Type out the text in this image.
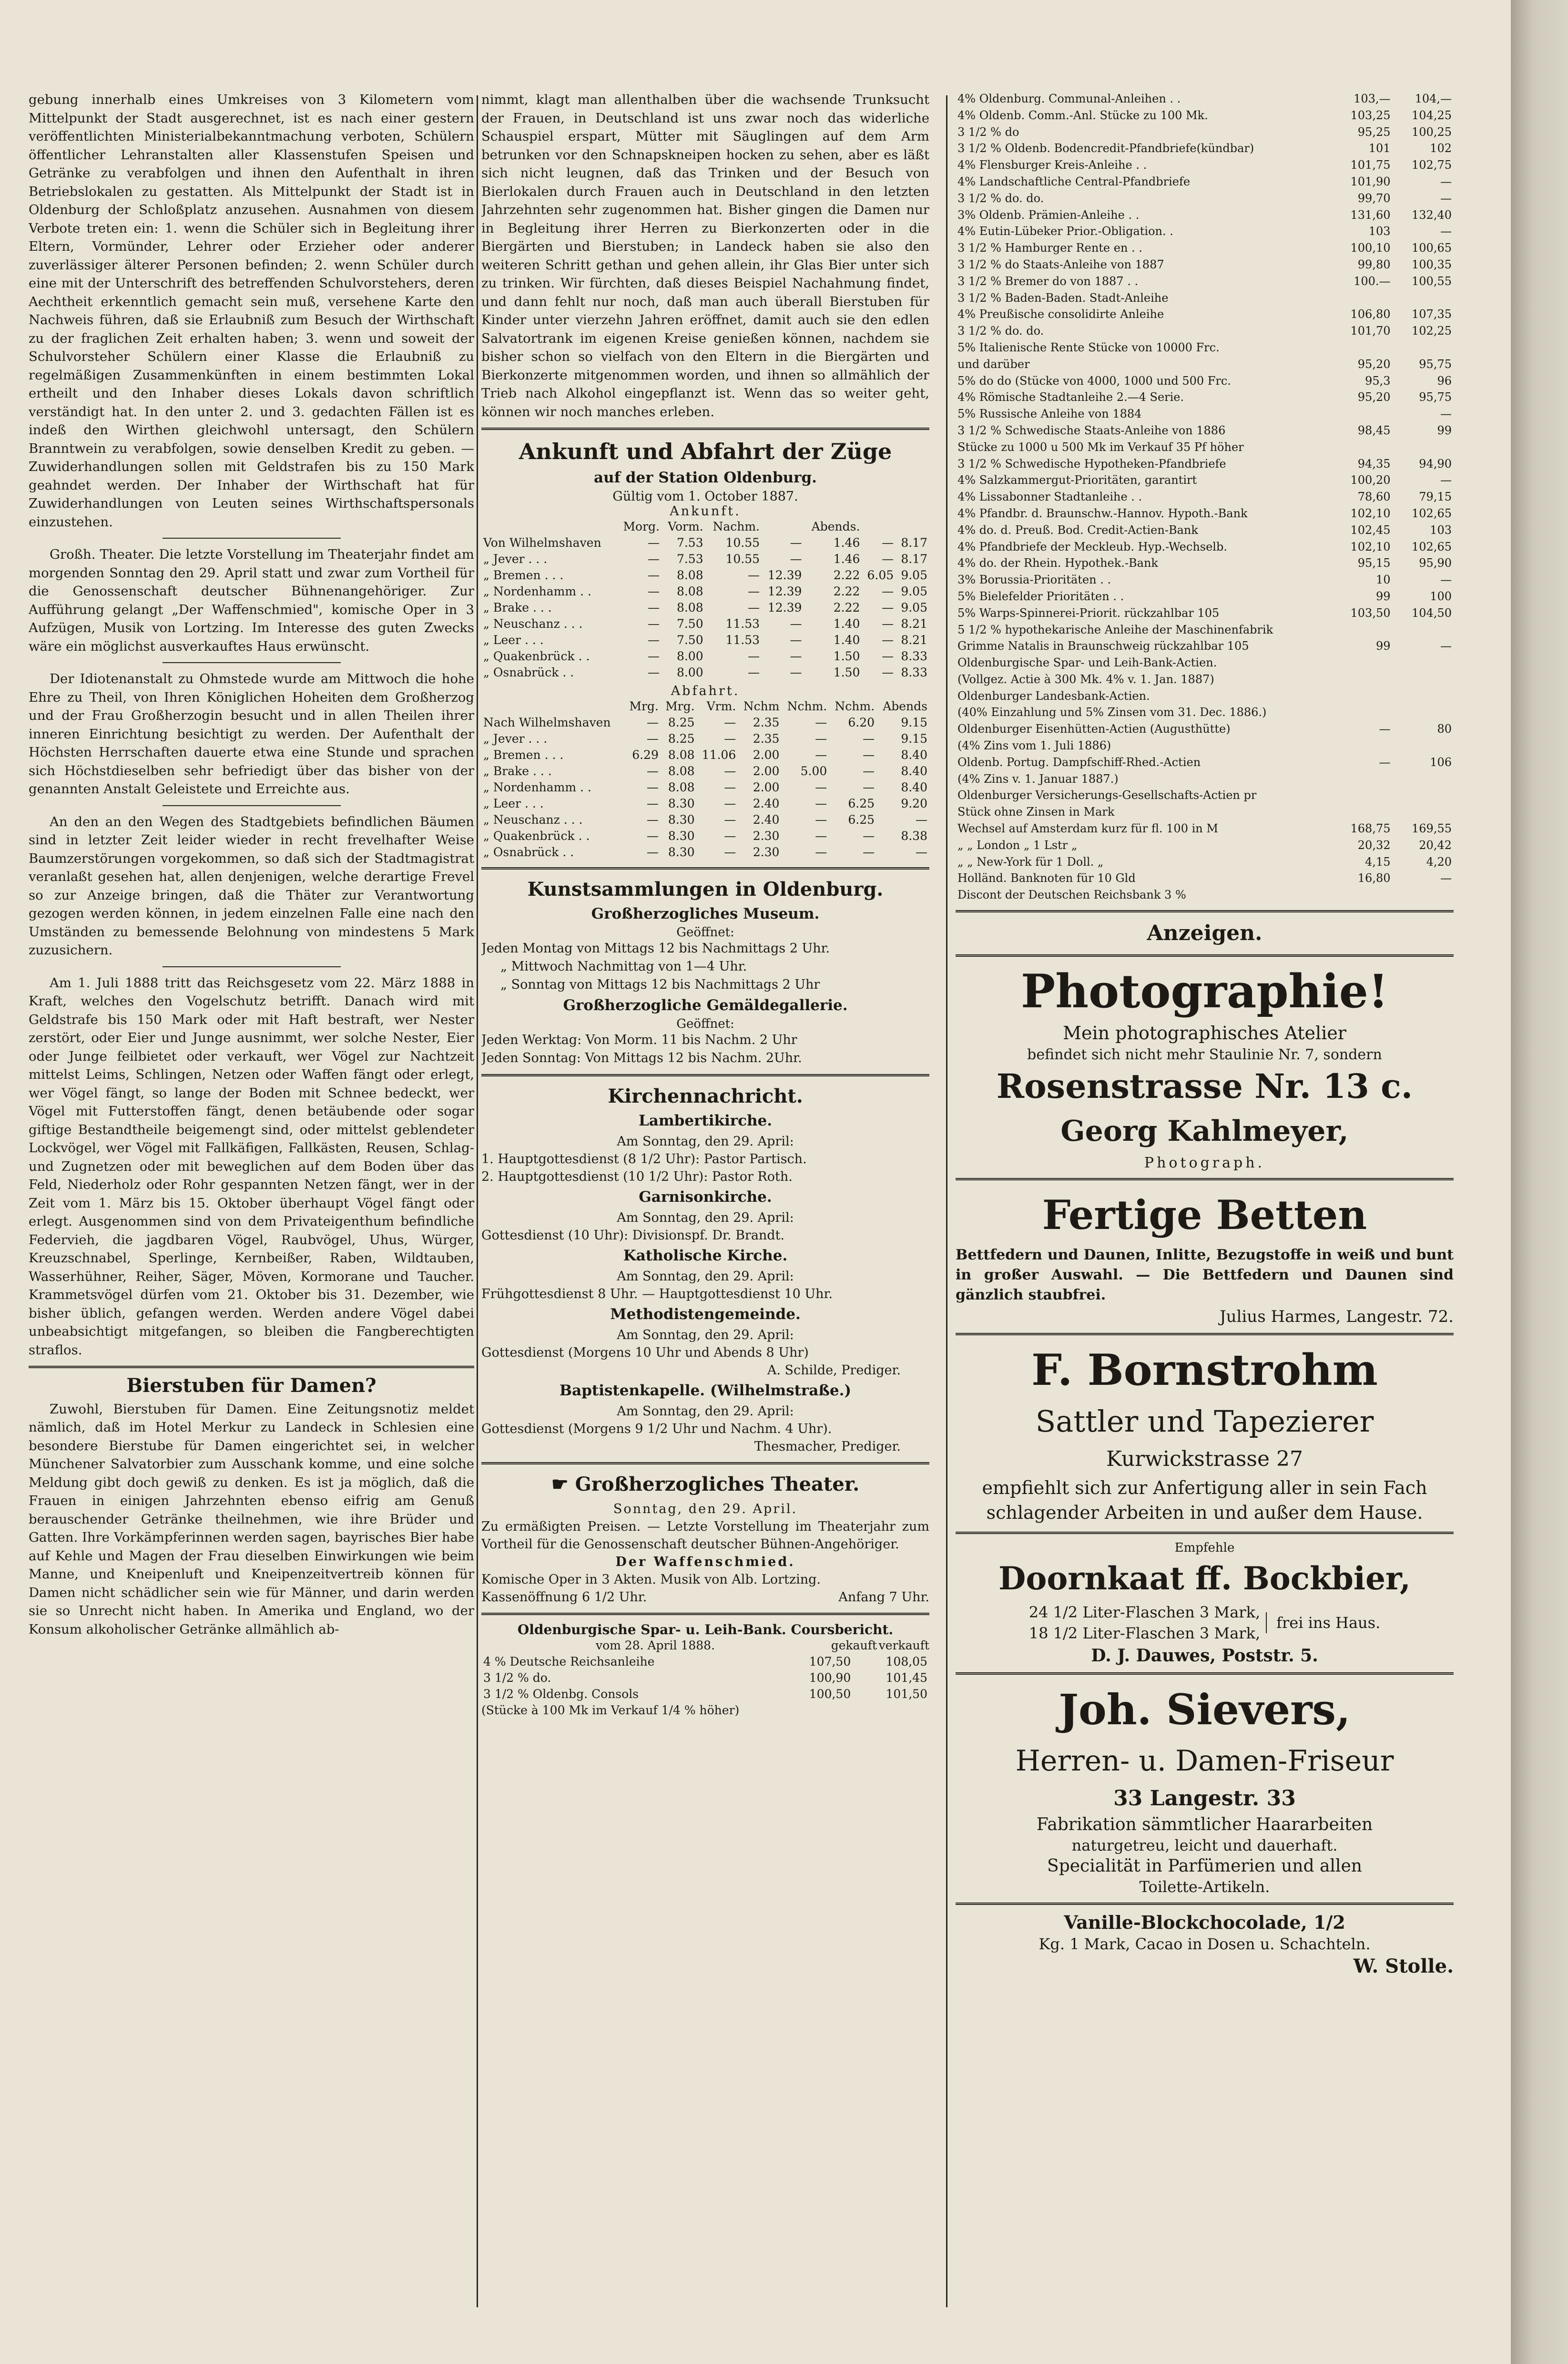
gebung innerhalb eines Umkreises von 3 Kilometern vom Mittelpunkt der Stadt ausgerechnet, ist es nach einer gestern veröffentlichten Ministerialbekanntmachung verboten, Schülern öffentlicher Lehranstalten aller Klassenstufen Speisen und Getränke zu verabfolgen und ihnen den Aufenthalt in ihren Betriebslokalen zu gestatten. Als Mittelpunkt der Stadt ist in Oldenburg der Schloßplatz anzusehen. Ausnahmen von diesem Verbote treten ein: 1. wenn die Schüler sich in Begleitung ihrer Eltern, Vormünder, Lehrer oder Erzieher oder anderer zuverlässiger älterer Personen befinden; 2. wenn Schüler durch eine mit der Unterschrift des betreffenden Schulvorstehers, deren Aechtheit erkenntlich gemacht sein muß, versehene Karte den Nachweis führen, daß sie Erlaubniß zum Besuch der Wirthschaft zu der fraglichen Zeit erhalten haben; 3. wenn und soweit der Schulvorsteher Schülern einer Klasse die Erlaubniß zu regelmäßigen Zusammenkünften in einem bestimmten Lokal ertheilt und den Inhaber dieses Lokals davon schriftlich verständigt hat. In den unter 2. und 3. gedachten Fällen ist es indeß den Wirthen gleichwohl untersagt, den Schülern Branntwein zu verabfolgen, sowie denselben Kredit zu geben. — Zuwiderhandlungen sollen mit Geldstrafen bis zu 150 Mark geahndet werden. Der Inhaber der Wirthschaft hat für Zuwiderhandlungen von Leuten seines Wirthschaftspersonals einzustehen.

Großh. Theater. Die letzte Vorstellung im Theaterjahr findet am morgenden Sonntag den 29. April statt und zwar zum Vortheil für die Genossenschaft deutscher Bühnenangehöriger. Zur Aufführung gelangt „Der Waffenschmied", komische Oper in 3 Aufzügen, Musik von Lortzing. Im Interesse des guten Zwecks wäre ein möglichst ausverkauftes Haus erwünscht.

Der Idiotenanstalt zu Ohmstede wurde am Mittwoch die hohe Ehre zu Theil, von Ihren Königlichen Hoheiten dem Großherzog und der Frau Großherzogin besucht und in allen Theilen ihrer inneren Einrichtung besichtigt zu werden. Der Aufenthalt der Höchsten Herrschaften dauerte etwa eine Stunde und sprachen sich Höchstdieselben sehr befriedigt über das bisher von der genannten Anstalt Geleistete und Erreichte aus.

An den an den Wegen des Stadtgebiets befindlichen Bäumen sind in letzter Zeit leider wieder in recht frevelhafter Weise Baumzerstörungen vorgekommen, so daß sich der Stadtmagistrat veranlaßt gesehen hat, allen denjenigen, welche derartige Frevel so zur Anzeige bringen, daß die Thäter zur Verantwortung gezogen werden können, in jedem einzelnen Falle eine nach den Umständen zu bemessende Belohnung von mindestens 5 Mark zuzusichern.

Am 1. Juli 1888 tritt das Reichsgesetz vom 22. März 1888 in Kraft, welches den Vogelschutz betrifft. Danach wird mit Geldstrafe bis 150 Mark oder mit Haft bestraft, wer Nester zerstört, oder Eier und Junge ausnimmt, wer solche Nester, Eier oder Junge feilbietet oder verkauft, wer Vögel zur Nachtzeit mittelst Leims, Schlingen, Netzen oder Waffen fängt oder erlegt, wer Vögel fängt, so lange der Boden mit Schnee bedeckt, wer Vögel mit Futterstoffen fängt, denen betäubende oder sogar giftige Bestandtheile beigemengt sind, oder mittelst geblendeter Lockvögel, wer Vögel mit Fallkäfigen, Fallkästen, Reusen, Schlag- und Zugnetzen oder mit beweglichen auf dem Boden über das Feld, Niederholz oder Rohr gespannten Netzen fängt, wer in der Zeit vom 1. März bis 15. Oktober überhaupt Vögel fängt oder erlegt. Ausgenommen sind von dem Privateigenthum befindliche Federvieh, die jagdbaren Vögel, Raubvögel, Uhus, Würger, Kreuzschnabel, Sperlinge, Kernbeißer, Raben, Wildtauben, Wasserhühner, Reiher, Säger, Möven, Kormorane und Taucher. Krammetsvögel dürfen vom 21. Oktober bis 31. Dezember, wie bisher üblich, gefangen werden. Werden andere Vögel dabei unbeabsichtigt mitgefangen, so bleiben die Fangberechtigten straflos.

Bierstuben für Damen?

Zuwohl, Bierstuben für Damen. Eine Zeitungsnotiz meldet nämlich, daß im Hotel Merkur zu Landeck in Schlesien eine besondere Bierstube für Damen eingerichtet sei, in welcher Münchener Salvatorbier zum Ausschank komme, und eine solche Meldung gibt doch gewiß zu denken. Es ist ja möglich, daß die Frauen in einigen Jahrzehnten ebenso eifrig am Genuß berauschender Getränke theilnehmen, wie ihre Brüder und Gatten. Ihre Vorkämpferinnen werden sagen, bayrisches Bier habe auf Kehle und Magen der Frau dieselben Einwirkungen wie beim Manne, und Kneipenluft und Kneipenzeitvertreib können für Damen nicht schädlicher sein wie für Männer, und darin werden sie so Unrecht nicht haben. In Amerika und England, wo der Konsum alkoholischer Getränke allmählich ab-

nimmt, klagt man allenthalben über die wachsende Trunksucht der Frauen, in Deutschland ist uns zwar noch das widerliche Schauspiel erspart, Mütter mit Säuglingen auf dem Arm betrunken vor den Schnapskneipen hocken zu sehen, aber es läßt sich nicht leugnen, daß das Trinken und der Besuch von Bierlokalen durch Frauen auch in Deutschland in den letzten Jahrzehnten sehr zugenommen hat. Bisher gingen die Damen nur in Begleitung ihrer Herren zu Bierkonzerten oder in die Biergärten und Bierstuben; in Landeck haben sie also den weiteren Schritt gethan und gehen allein, ihr Glas Bier unter sich zu trinken. Wir fürchten, daß dieses Beispiel Nachahmung findet, und dann fehlt nur noch, daß man auch überall Bierstuben für Kinder unter vierzehn Jahren eröffnet, damit auch sie den edlen Salvatortrank im eigenen Kreise genießen können, nachdem sie bisher schon so vielfach von den Eltern in die Biergärten und Bierkonzerte mitgenommen worden, und ihnen so allmählich der Trieb nach Alkohol eingepflanzt ist. Wenn das so weiter geht, können wir noch manches erleben.

Ankunft und Abfahrt der Züge
auf der Station Oldenburg.
Gültig vom 1. October 1887.
Ankunft.
	Morg.	Vorm.	Nachm.		Abends.		
Von Wilhelmshaven	—	7.53	10.55	—	1.46	—	8.17
„ Jever . . .	—	7.53	10.55	—	1.46	—	8.17
„ Bremen . . .	—	8.08	—	12.39	2.22	6.05	9.05
„ Nordenhamm . .	—	8.08	—	12.39	2.22	—	9.05
„ Brake . . .	—	8.08	—	12.39	2.22	—	9.05
„ Neuschanz . . .	—	7.50	11.53	—	1.40	—	8.21
„ Leer . . .	—	7.50	11.53	—	1.40	—	8.21
„ Quakenbrück . .	—	8.00	—	—	1.50	—	8.33
„ Osnabrück . .	—	8.00	—	—	1.50	—	8.33
Abfahrt.
	Mrg.	Mrg.	Vrm.	Nchm	Nchm.	Nchm.	Abends
Nach Wilhelmshaven	—	8.25	—	2.35	—	6.20	9.15
„ Jever . . .	—	8.25	—	2.35	—	—	9.15
„ Bremen . . .	6.29	8.08	11.06	2.00	—	—	8.40
„ Brake . . .	—	8.08	—	2.00	5.00	—	8.40
„ Nordenhamm . .	—	8.08	—	2.00	—	—	8.40
„ Leer . . .	—	8.30	—	2.40	—	6.25	9.20
„ Neuschanz . . .	—	8.30	—	2.40	—	6.25	—
„ Quakenbrück . .	—	8.30	—	2.30	—	—	8.38
„ Osnabrück . .	—	8.30	—	2.30	—	—	—
Kunstsammlungen in Oldenburg.
Großherzogliches Museum.
Geöffnet:
Jeden Montag von Mittags 12 bis Nachmittags 2 Uhr.
„ Mittwoch Nachmittag von 1—4 Uhr.
„ Sonntag von Mittags 12 bis Nachmittags 2 Uhr
Großherzogliche Gemäldegallerie.
Geöffnet:
Jeden Werktag: Von Morm. 11 bis Nachm. 2 Uhr
Jeden Sonntag: Von Mittags 12 bis Nachm. 2Uhr.
Kirchennachricht.
Lambertikirche.
Am Sonntag, den 29. April:
1. Hauptgottesdienst (8 1/2 Uhr): Pastor Partisch.
2. Hauptgottesdienst (10 1/2 Uhr): Pastor Roth.
Garnisonkirche.
Am Sonntag, den 29. April:
Gottesdienst (10 Uhr): Divisionspf. Dr. Brandt.
Katholische Kirche.
Am Sonntag, den 29. April:
Frühgottesdienst 8 Uhr. — Hauptgottesdienst 10 Uhr.
Methodistengemeinde.
Am Sonntag, den 29. April:
Gottesdienst (Morgens 10 Uhr und Abends 8 Uhr)
A. Schilde, Prediger.
Baptistenkapelle. (Wilhelmstraße.)
Am Sonntag, den 29. April:
Gottesdienst (Morgens 9 1/2 Uhr und Nachm. 4 Uhr).
Thesmacher, Prediger.
☛ Großherzogliches Theater.
Sonntag, den 29. April.
Zu ermäßigten Preisen. — Letzte Vorstellung im Theaterjahr zum Vortheil für die Genossenschaft deutscher Bühnen-Angehöriger.
Der Waffenschmied.
Komische Oper in 3 Akten. Musik von Alb. Lortzing.
Kassenöffnung 6 1/2 Uhr.	Anfang 7 Uhr.
Oldenburgische Spar- u. Leih-Bank. Coursbericht.
vom 28. April 1888.	gekauft verkauft
4 % Deutsche Reichsanleihe	107,50	108,05
3 1/2 % do.	100,90	101,45
3 1/2 % Oldenbg. Consols	100,50	101,50
(Stücke à 100 Mk im Verkauf 1/4 % höher)
4% Oldenburg. Communal-Anleihen . .	103,—	104,—
4% Oldenb. Comm.-Anl. Stücke zu 100 Mk.	103,25	104,25
3 1/2 % do	95,25	100,25
3 1/2 % Oldenb. Bodencredit-Pfandbriefe(kündbar)	101	102
4% Flensburger Kreis-Anleihe . .	101,75	102,75
4% Landschaftliche Central-Pfandbriefe	101,90	—
3 1/2 % do. do.	99,70	—
3% Oldenb. Prämien-Anleihe . .	131,60	132,40
4% Eutin-Lübeker Prior.-Obligation. .	103	—
3 1/2 % Hamburger Rente en . .	100,10	100,65
3 1/2 % do Staats-Anleihe von 1887	99,80	100,35
3 1/2 % Bremer do von 1887 . .	100.—	100,55
3 1/2 % Baden-Baden. Stadt-Anleihe		
4% Preußische consolidirte Anleihe	106,80	107,35
3 1/2 % do. do.	101,70	102,25
5% Italienische Rente Stücke von 10000 Frc.		
und darüber	95,20	95,75
5% do do (Stücke von 4000, 1000 und 500 Frc.	95,3	96
4% Römische Stadtanleihe 2.—4 Serie.	95,20	95,75
5% Russische Anleihe von 1884		—
3 1/2 % Schwedische Staats-Anleihe von 1886	98,45	99
Stücke zu 1000 u 500 Mk im Verkauf 35 Pf höher		
3 1/2 % Schwedische Hypotheken-Pfandbriefe	94,35	94,90
4% Salzkammergut-Prioritäten, garantirt	100,20	—
4% Lissabonner Stadtanleihe . .	78,60	79,15
4% Pfandbr. d. Braunschw.-Hannov. Hypoth.-Bank	102,10	102,65
4% do. d. Preuß. Bod. Credit-Actien-Bank	102,45	103
4% Pfandbriefe der Meckleub. Hyp.-Wechselb.	102,10	102,65
4% do. der Rhein. Hypothek.-Bank	95,15	95,90
3% Borussia-Prioritäten . .	10	—
5% Bielefelder Prioritäten . .	99	100
5% Warps-Spinnerei-Priorit. rückzahlbar 105	103,50	104,50
5 1/2 % hypothekarische Anleihe der Maschinenfabrik		
Grimme Natalis in Braunschweig rückzahlbar 105	99	—
Oldenburgische Spar- und Leih-Bank-Actien.		
(Vollgez. Actie à 300 Mk. 4% v. 1. Jan. 1887)		
Oldenburger Landesbank-Actien.		
(40% Einzahlung und 5% Zinsen vom 31. Dec. 1886.)		
Oldenburger Eisenhütten-Actien (Augusthütte)	—	80
(4% Zins vom 1. Juli 1886)		
Oldenb. Portug. Dampfschiff-Rhed.-Actien	—	106
(4% Zins v. 1. Januar 1887.)		
Oldenburger Versicherungs-Gesellschafts-Actien pr		
Stück ohne Zinsen in Mark		
Wechsel auf Amsterdam kurz für fl. 100 in M	168,75	169,55
„ „ London „ 1 Lstr „	20,32	20,42
„ „ New-York für 1 Doll. „	4,15	4,20
Holländ. Banknoten für 10 Gld	16,80	—
Discont der Deutschen Reichsbank 3 %		
Anzeigen.
Photographie!
Mein photographisches Atelier
befindet sich nicht mehr Staulinie Nr. 7, sondern
Rosenstrasse Nr. 13 c.
Georg Kahlmeyer,
Photograph.
Fertige Betten
Bettfedern und Daunen, Inlitte, Bezugstoffe in weiß und bunt in großer Auswahl. — Die Bettfedern und Daunen sind gänzlich staubfrei.
Julius Harmes, Langestr. 72.
F. Bornstrohm
Sattler und Tapezierer
Kurwickstrasse 27
empfiehlt sich zur Anfertigung aller in sein Fach schlagender Arbeiten in und außer dem Hause.
Empfehle
Doornkaat ff. Bockbier,
24 1/2 Liter-Flaschen 3 Mark,
18 1/2 Liter-Flaschen 3 Mark,
frei ins Haus.
D. J. Dauwes, Poststr. 5.
Joh. Sievers,
Herren- u. Damen-Friseur
33 Langestr. 33
Fabrikation sämmtlicher Haararbeiten
naturgetreu, leicht und dauerhaft.
Specialität in Parfümerien und allen
Toilette-Artikeln.
Vanille-Blockchocolade, 1/2
Kg. 1 Mark, Cacao in Dosen u. Schachteln.
W. Stolle.
